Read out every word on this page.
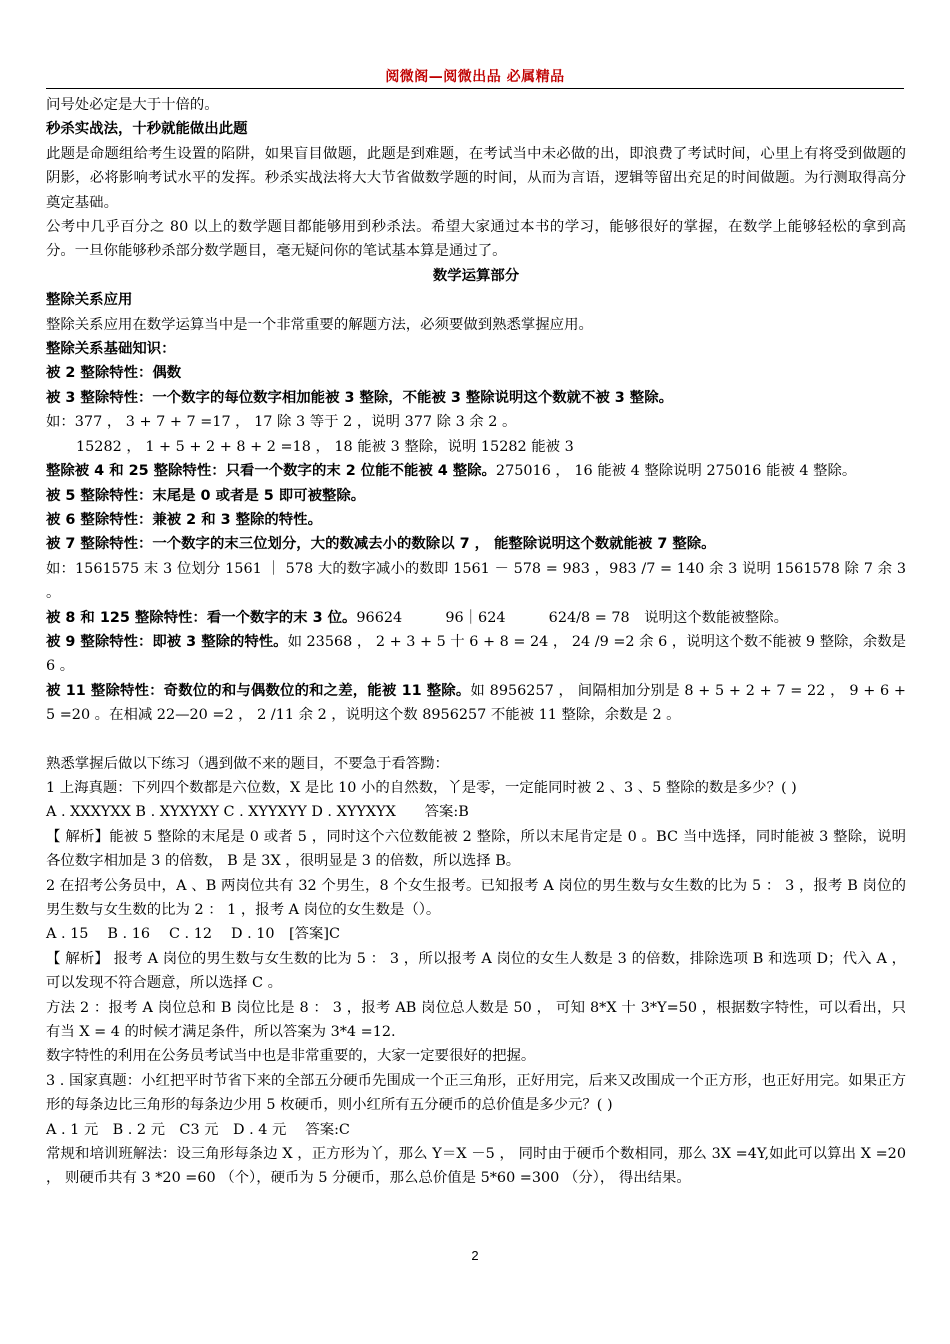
阅微阁—阅微出品 必属精品

问号处必定是大于十倍的。

秒杀实战法，十秒就能做出此题

此题是命题组给考生设置的陷阱，如果盲目做题，此题是到难题，在考试当中未必做的出，即浪费了考试时间，心里上有将受到做题的阴影，必将影响考试水平的发挥。秒杀实战法将大大节省做数学题的时间，从而为言语，逻辑等留出充足的时间做题。为行测取得高分奠定基础。

公考中几乎百分之 80 以上的数学题目都能够用到秒杀法。希望大家通过本书的学习，能够很好的掌握，在数学上能够轻松的拿到高分。一旦你能够秒杀部分数学题目，毫无疑问你的笔试基本算是通过了。

数学运算部分

整除关系应用

整除关系应用在数学运算当中是一个非常重要的解题方法，必须要做到熟悉掌握应用。

整除关系基础知识：

被 2 整除特性：偶数

被 3 整除特性：一个数字的每位数字相加能被 3 整除，不能被 3 整除说明这个数就不被 3 整除。

如：377 ， 3 + 7 + 7 =17 ， 17 除 3 等于 2 ，说明 377 除 3 余 2 。

15282 ， 1 + 5 + 2 + 8 + 2 =18 ， 18 能被 3 整除，说明 15282 能被 3

整除被 4 和 25 整除特性：只看一个数字的末 2 位能不能被 4 整除。275016 ， 16 能被 4 整除说明 275016 能被 4 整除。

被 5 整除特性：末尾是 0 或者是 5 即可被整除。

被 6 整除特性：兼被 2 和 3 整除的特性。

被 7 整除特性：一个数字的末三位划分，大的数减去小的数除以 7 ， 能整除说明这个数就能被 7 整除。

如：1561575 末 3 位划分 1561 ｜ 578 大的数字减小的数即 1561 － 578 = 983 ，983 /7 = 140 余 3 说明 1561578 除 7 余 3 。

被 8 和 125 整除特性：看一个数字的末 3 位。96624　　　96｜624　　　624/8 = 78　说明这个数能被整除。

被 9 整除特性：即被 3 整除的特性。如 23568 ， 2 + 3 + 5 十 6 + 8 = 24 ， 24 /9 =2 余 6 ，说明这个数不能被 9 整除，余数是 6 。

被 11 整除特性：奇数位的和与偶数位的和之差，能被 11 整除。如 8956257 ， 间隔相加分别是 8 + 5 + 2 + 7 = 22 ， 9 + 6 + 5 =20 。在相减 22—20 =2 ， 2 /11 余 2 ，说明这个数 8956257 不能被 11 整除，余数是 2 。

熟悉掌握后做以下练习（遇到做不来的题目，不要急于看答黝：

1 上海真题：下列四个数都是六位数，X 是比 10 小的自然数，丫是零，一定能同时被 2 、3 、5 整除的数是多少？( )

A . XXXYXX B . XYXYXY C . XYYXYY D . XYYXYX　　答案:B

【 解析】能被 5 整除的末尾是 0 或者 5 ，同时这个六位数能被 2 整除，所以末尾肯定是 0 。BC 当中选择，同时能被 3 整除，说明各位数字相加是 3 的倍数， B 是 3X ，很明显是 3 的倍数，所以选择 B。

2 在招考公务员中，A 、B 两岗位共有 32 个男生，8 个女生报考。已知报考 A 岗位的男生数与女生数的比为 5 ： 3 ，报考 B 岗位的男生数与女生数的比为 2 ： 1 ，报考 A 岗位的女生数是（）。

A . 15　 B . 16　 C . 12　 D . 10　[答案]C

【 解析】 报考 A 岗位的男生数与女生数的比为 5 ： 3 ，所以报考 A 岗位的女生人数是 3 的倍数，排除选项 B 和选项 D；代入 A ，可以发现不符合题意，所以选择 C 。

方法 2 ：报考 A 岗位总和 B 岗位比是 8 ： 3 ，报考 AB 岗位总人数是 50 ， 可知 8*X 十 3*Y=50 ，根据数字特性，可以看出，只有当 X = 4 的时候才满足条件，所以答案为 3*4 =12.

数字特性的利用在公务员考试当中也是非常重要的，大家一定要很好的把握。

3 . 国家真题：小红把平时节省下来的全部五分硬币先围成一个正三角形，正好用完，后来又改围成一个正方形，也正好用完。如果正方形的每条边比三角形的每条边少用 5 枚硬币，则小红所有五分硬币的总价值是多少元？( )

A . 1 元　B . 2 元　C3 元　D . 4 元　 答案:C

常规和培训班解法：设三角形每条边 X ，正方形为丫，那么 Y＝X －5 ， 同时由于硬币个数相同，那么 3X =4Y,如此可以算出 X =20 ， 则硬币共有 3 *20 =60 （个），硬币为 5 分硬币，那么总价值是 5*60 =300 （分）， 得出结果。

2
